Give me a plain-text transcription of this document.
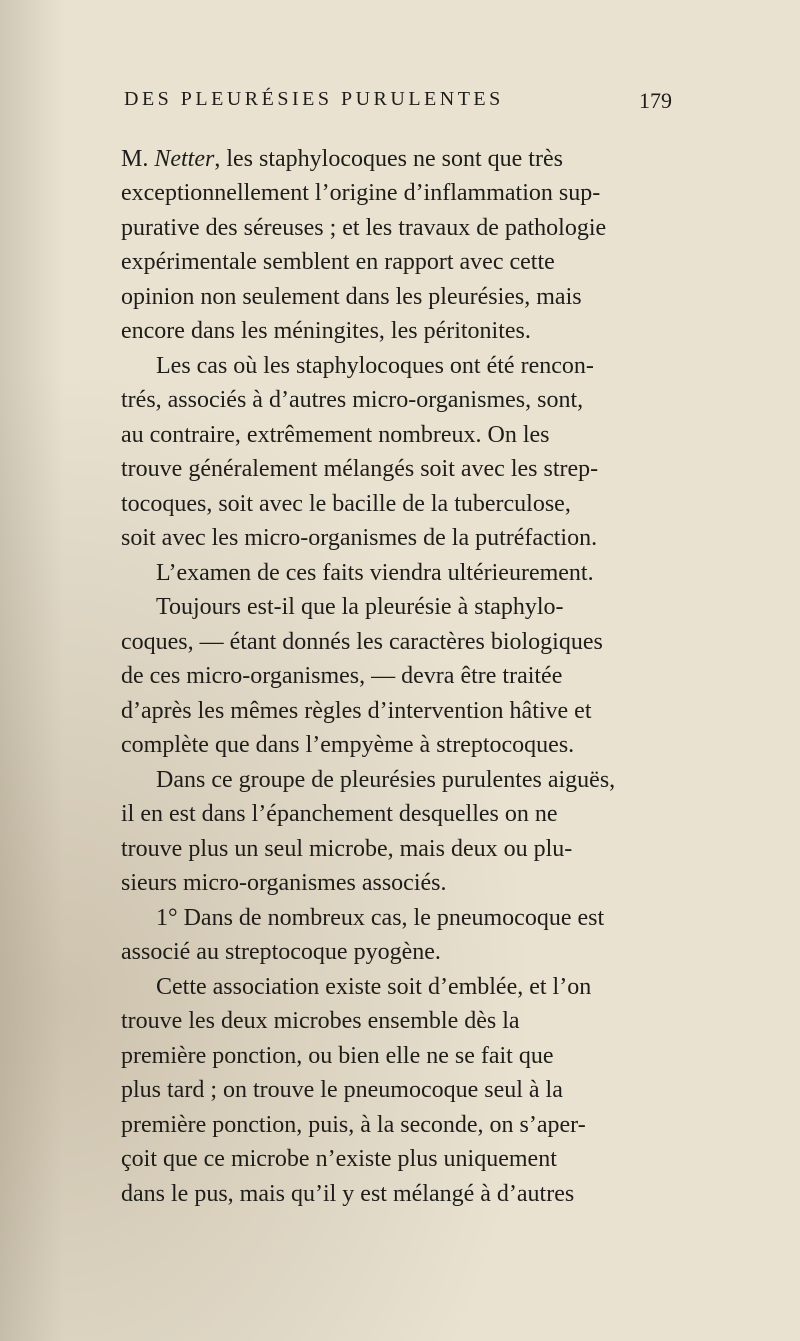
DES PLEURÉSIES PURULENTES	179
M. Netter, les staphylocoques ne sont que très
exceptionnellement l’origine d’inflammation sup-
purative des séreuses ; et les travaux de pathologie
expérimentale semblent en rapport avec cette
opinion non seulement dans les pleurésies, mais
encore dans les méningites, les péritonites.
Les cas où les staphylocoques ont été rencon-
trés, associés à d’autres micro-organismes, sont,
au contraire, extrêmement nombreux. On les
trouve généralement mélangés soit avec les strep-
tocoques, soit avec le bacille de la tuberculose,
soit avec les micro-organismes de la putréfaction.
L’examen de ces faits viendra ultérieurement.
Toujours est-il que la pleurésie à staphylo-
coques, — étant donnés les caractères biologiques
de ces micro-organismes, — devra être traitée
d’après les mêmes règles d’intervention hâtive et
complète que dans l’empyème à streptocoques.
Dans ce groupe de pleurésies purulentes aiguës,
il en est dans l’épanchement desquelles on ne
trouve plus un seul microbe, mais deux ou plu-
sieurs micro-organismes associés.
1° Dans de nombreux cas, le pneumocoque est
associé au streptocoque pyogène.
Cette association existe soit d’emblée, et l’on
trouve les deux microbes ensemble dès la
première ponction, ou bien elle ne se fait que
plus tard ; on trouve le pneumocoque seul à la
première ponction, puis, à la seconde, on s’aper-
çoit que ce microbe n’existe plus uniquement
dans le pus, mais qu’il y est mélangé à d’autres
